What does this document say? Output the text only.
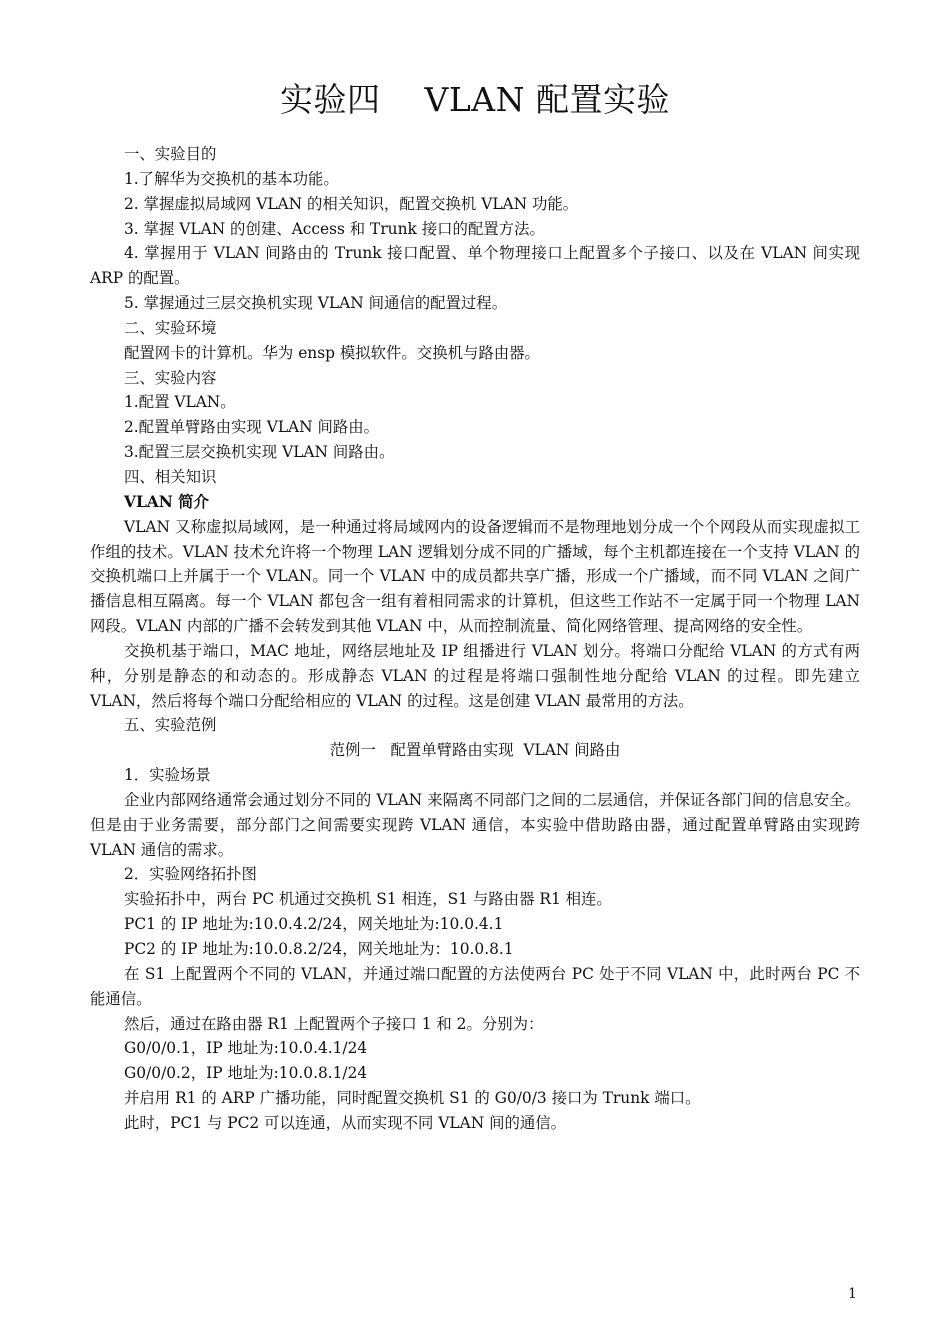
实验四    VLAN 配置实验

一、实验目的

1.了解华为交换机的基本功能。

2. 掌握虚拟局域网 VLAN 的相关知识，配置交换机 VLAN 功能。

3. 掌握 VLAN 的创建、Access 和 Trunk 接口的配置方法。

4. 掌握用于 VLAN 间路由的 Trunk 接口配置、单个物理接口上配置多个子接口、以及在 VLAN 间实现 ARP 的配置。

5. 掌握通过三层交换机实现 VLAN 间通信的配置过程。

二、实验环境

配置网卡的计算机。华为 ensp 模拟软件。交换机与路由器。

三、实验内容

1.配置 VLAN。

2.配置单臂路由实现 VLAN 间路由。

3.配置三层交换机实现 VLAN 间路由。

四、相关知识

VLAN 简介

VLAN 又称虚拟局域网，是一种通过将局域网内的设备逻辑而不是物理地划分成一个个网段从而实现虚拟工作组的技术。VLAN 技术允许将一个物理 LAN 逻辑划分成不同的广播域，每个主机都连接在一个支持 VLAN 的交换机端口上并属于一个 VLAN。同一个 VLAN 中的成员都共享广播，形成一个广播域，而不同 VLAN 之间广播信息相互隔离。每一个 VLAN 都包含一组有着相同需求的计算机，但这些工作站不一定属于同一个物理 LAN 网段。VLAN 内部的广播不会转发到其他 VLAN 中，从而控制流量、简化网络管理、提高网络的安全性。

交换机基于端口，MAC 地址，网络层地址及 IP 组播进行 VLAN 划分。将端口分配给 VLAN 的方式有两种，分别是静态的和动态的。形成静态 VLAN 的过程是将端口强制性地分配给 VLAN 的过程。即先建立 VLAN，然后将每个端口分配给相应的 VLAN 的过程。这是创建 VLAN 最常用的方法。

五、实验范例

范例一   配置单臂路由实现  VLAN 间路由

1．实验场景

企业内部网络通常会通过划分不同的 VLAN 来隔离不同部门之间的二层通信，并保证各部门间的信息安全。但是由于业务需要，部分部门之间需要实现跨 VLAN 通信，本实验中借助路由器，通过配置单臂路由实现跨 VLAN 通信的需求。

2．实验网络拓扑图

实验拓扑中，两台 PC 机通过交换机 S1 相连，S1 与路由器 R1 相连。

PC1 的 IP 地址为:10.0.4.2/24，网关地址为:10.0.4.1

PC2 的 IP 地址为:10.0.8.2/24，网关地址为：10.0.8.1

在 S1 上配置两个不同的 VLAN，并通过端口配置的方法使两台 PC 处于不同 VLAN 中，此时两台 PC 不能通信。

然后，通过在路由器 R1 上配置两个子接口 1 和 2。分别为：

G0/0/0.1，IP 地址为:10.0.4.1/24

G0/0/0.2，IP 地址为:10.0.8.1/24

并启用 R1 的 ARP 广播功能，同时配置交换机 S1 的 G0/0/3 接口为 Trunk 端口。

此时，PC1 与 PC2 可以连通，从而实现不同 VLAN 间的通信。

1
